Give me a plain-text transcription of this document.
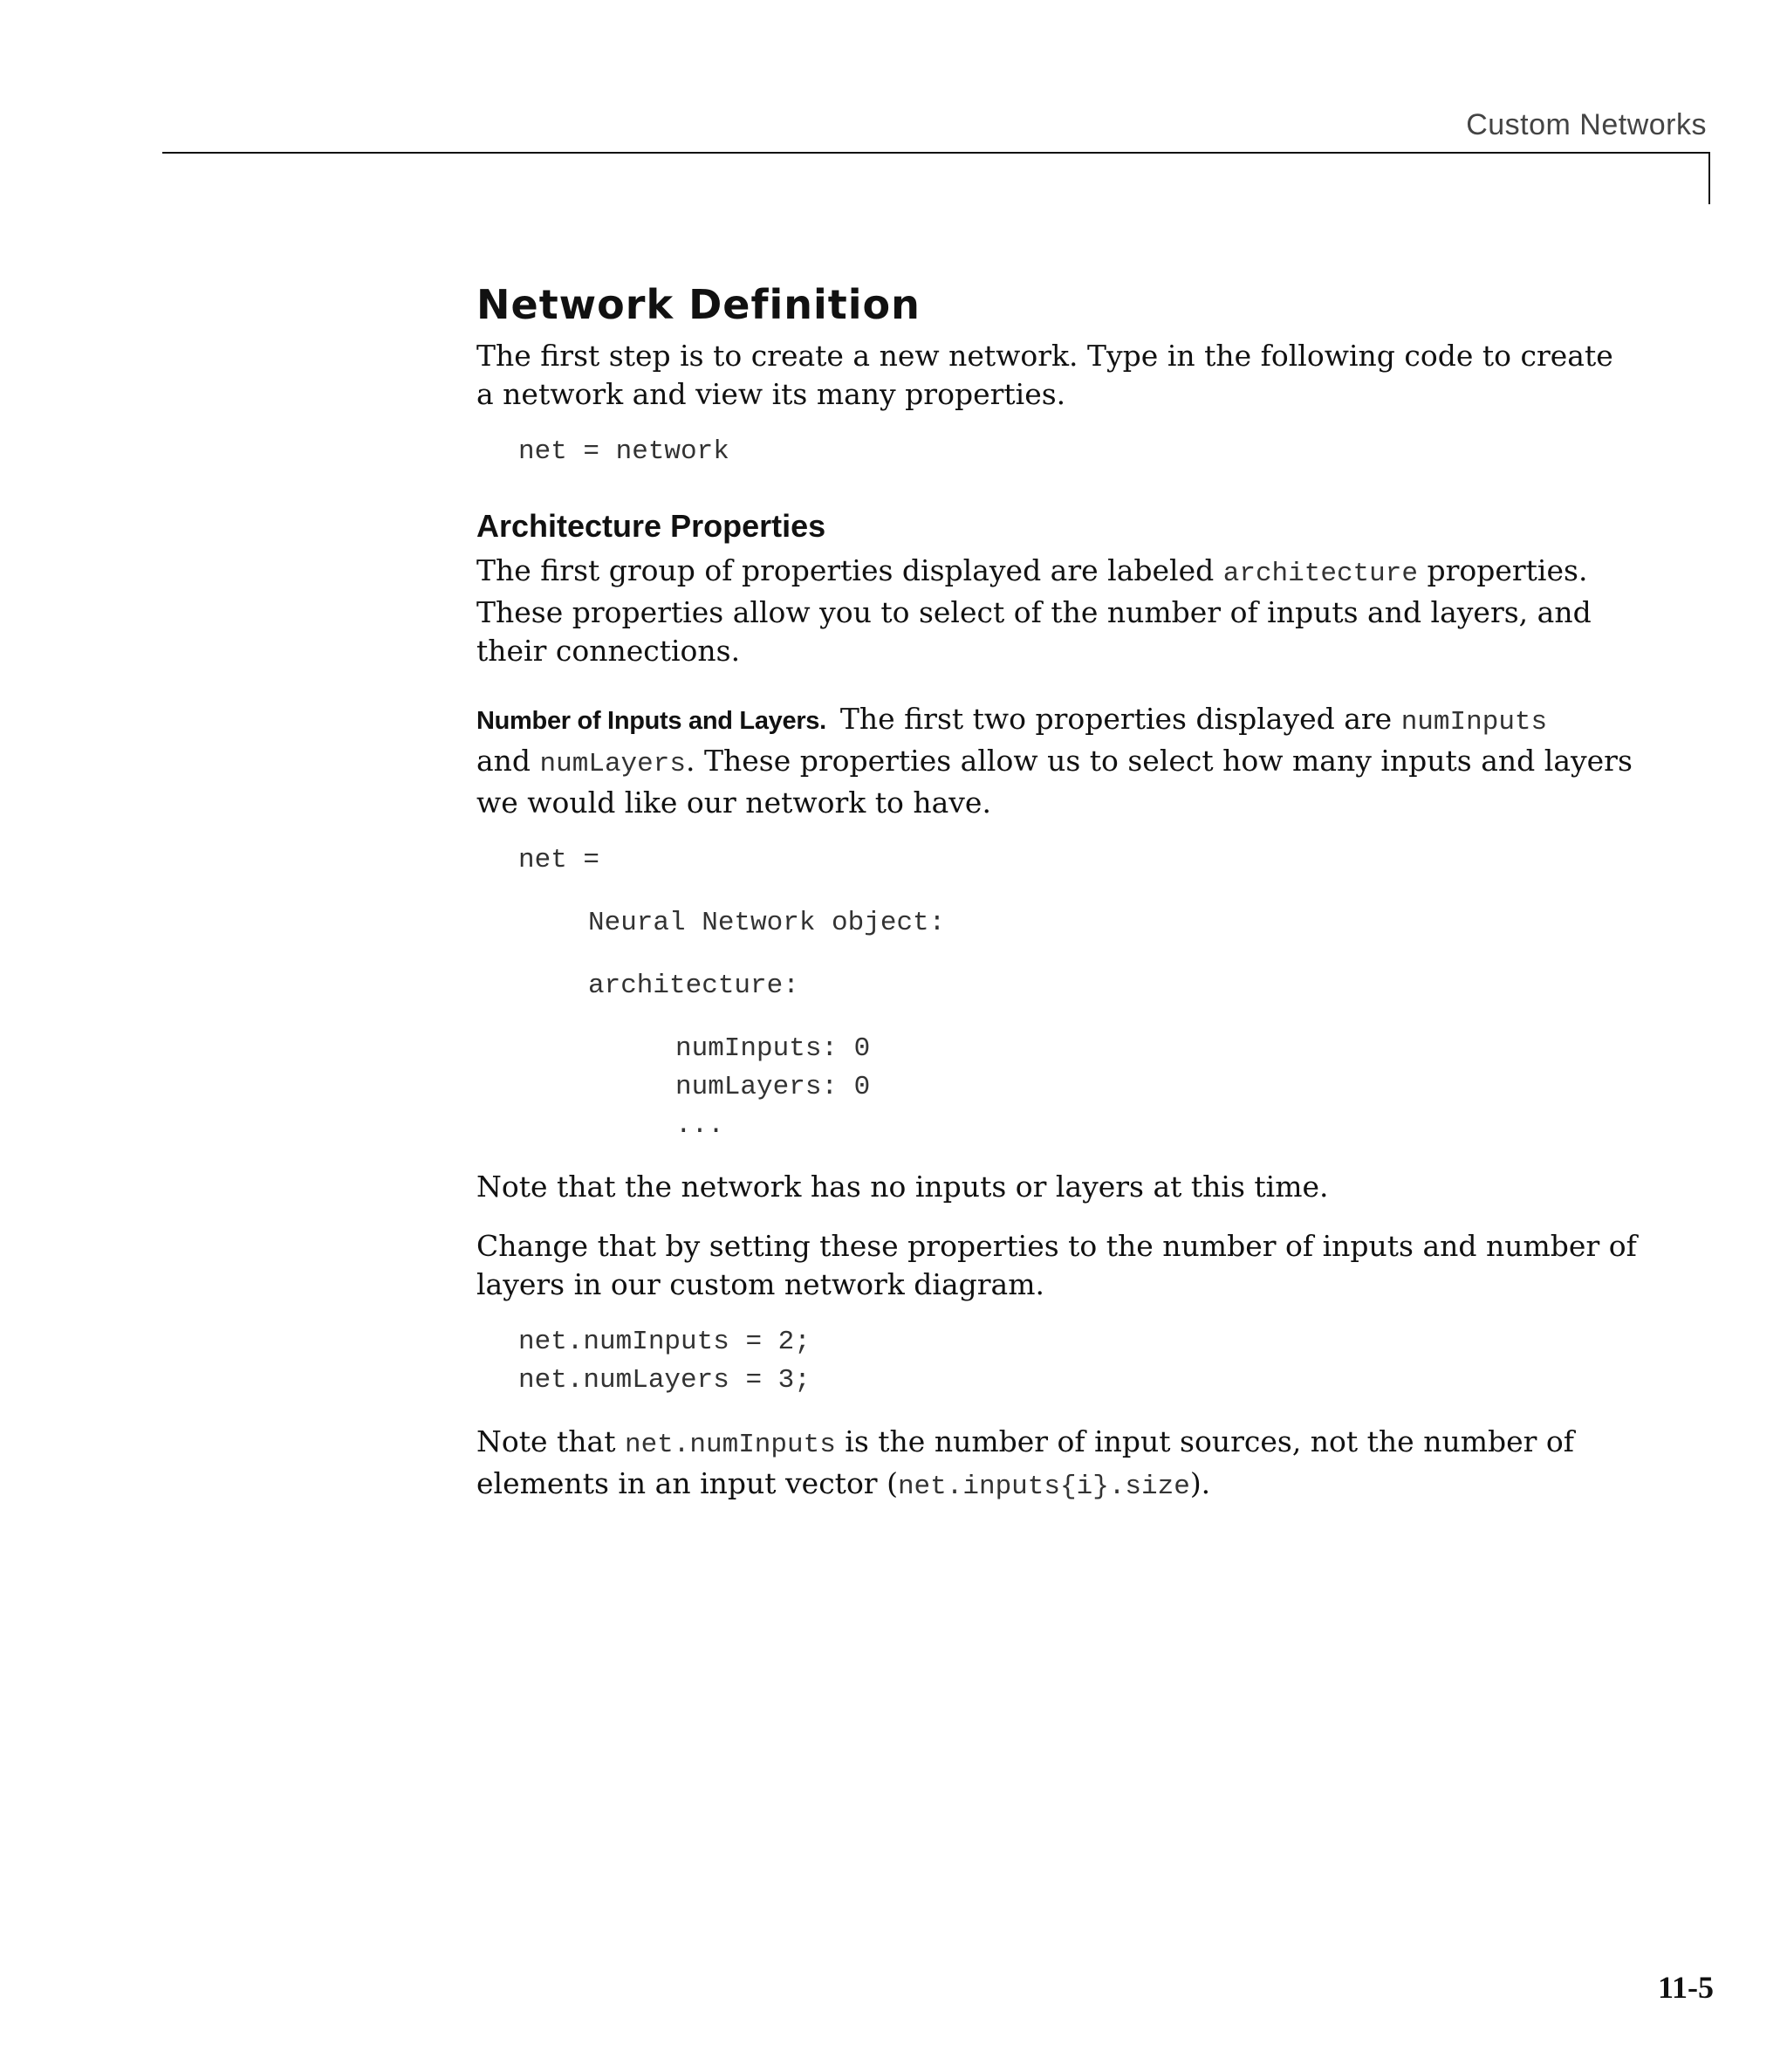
Custom Networks
Network Definition

The first step is to create a new network. Type in the following code to create a network and view its many properties.

net = network
Architecture Properties

The first group of properties displayed are labeled architecture properties. These properties allow you to select of the number of inputs and layers, and their connections.

Number of Inputs and Layers. The first two properties displayed are numInputs
and numLayers. These properties allow us to select how many inputs and layers we would like our network to have.

net =
Neural Network object:
architecture:
numInputs: 0
numLayers: 0
...

Note that the network has no inputs or layers at this time.

Change that by setting these properties to the number of inputs and number of layers in our custom network diagram.

net.numInputs = 2;
net.numLayers = 3;

Note that net.numInputs is the number of input sources, not the number of elements in an input vector (net.inputs{i}.size).

11-5
